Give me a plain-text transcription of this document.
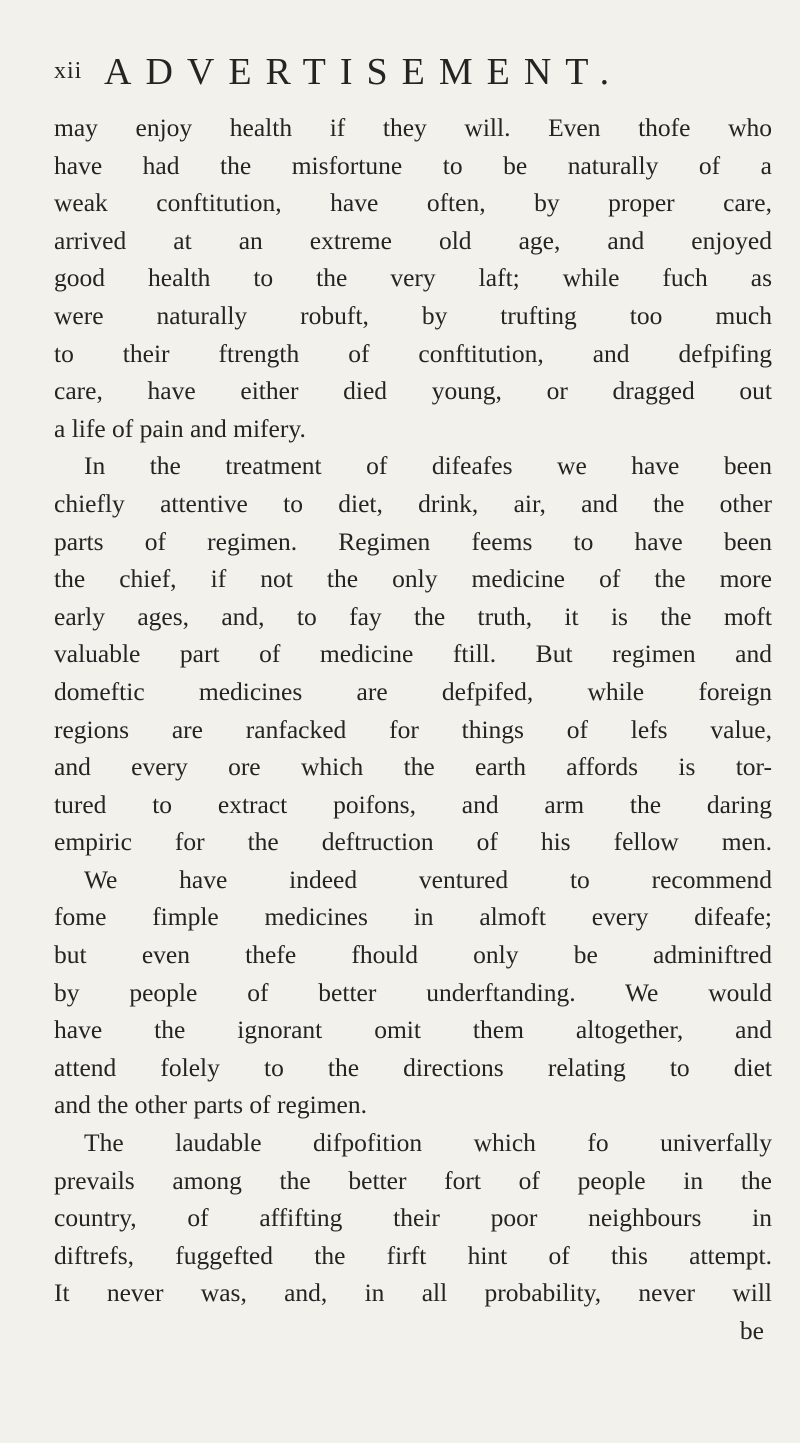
xii ADVERTISEMENT.
may enjoy health if they will. Even thofe who
have had the misfortune to be naturally of a
weak conftitution, have often, by proper care,
arrived at an extreme old age, and enjoyed
good health to the very laft; while fuch as
were naturally robuft, by trufting too much
to their ftrength of conftitution, and defpifing
care, have either died young, or dragged out
a life of pain and mifery.
In the treatment of difeafes we have been
chiefly attentive to diet, drink, air, and the other
parts of regimen. Regimen feems to have been
the chief, if not the only medicine of the more
early ages, and, to fay the truth, it is the moft
valuable part of medicine ftill. But regimen and
domeftic medicines are defpifed, while foreign
regions are ranfacked for things of lefs value,
and every ore which the earth affords is tor-
tured to extract poifons, and arm the daring
empiric for the deftruction of his fellow men.
We have indeed ventured to recommend
fome fimple medicines in almoft every difeafe;
but even thefe fhould only be adminiftred
by people of better underftanding. We would
have the ignorant omit them altogether, and
attend folely to the directions relating to diet
and the other parts of regimen.
The laudable difpofition which fo univerfally
prevails among the better fort of people in the
country, of affifting their poor neighbours in
diftrefs, fuggefted the firft hint of this attempt.
It never was, and, in all probability, never will
be
